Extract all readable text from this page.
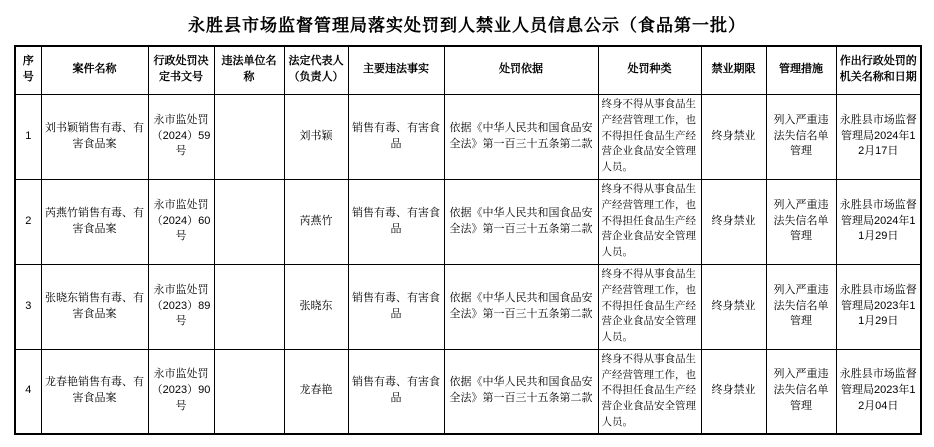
永胜县市场监督管理局落实处罚到人禁业人员信息公示（食品第一批）
序号	案件名称	行政处罚决定书文号	违法单位名称	法定代表人（负责人）	主要违法事实	处罚依据	处罚种类	禁业期限	管理措施	作出行政处罚的机关名称和日期
1	刘书颖销售有毒、有害食品案	永市监处罚（2024）59号		刘书颖	销售有毒、有害食品	依据《中华人民共和国食品安全法》第一百三十五条第二款	终身不得从事食品生产经营管理工作，也不得担任食品生产经营企业食品安全管理人员。	终身禁业	列入严重违法失信名单管理	永胜县市场监督管理局2024年12月17日
2	芮燕竹销售有毒、有害食品案	永市监处罚（2024）60号		芮燕竹	销售有毒、有害食品	依据《中华人民共和国食品安全法》第一百三十五条第二款	终身不得从事食品生产经营管理工作，也不得担任食品生产经营企业食品安全管理人员。	终身禁业	列入严重违法失信名单管理	永胜县市场监督管理局2024年11月29日
3	张晓东销售有毒、有害食品案	永市监处罚（2023）89号		张晓东	销售有毒、有害食品	依据《中华人民共和国食品安全法》第一百三十五条第二款	终身不得从事食品生产经营管理工作，也不得担任食品生产经营企业食品安全管理人员。	终身禁业	列入严重违法失信名单管理	永胜县市场监督管理局2023年11月29日
4	龙春艳销售有毒、有害食品案	永市监处罚（2023）90号		龙春艳	销售有毒、有害食品	依据《中华人民共和国食品安全法》第一百三十五条第二款	终身不得从事食品生产经营管理工作，也不得担任食品生产经营企业食品安全管理人员。	终身禁业	列入严重违法失信名单管理	永胜县市场监督管理局2023年12月04日
